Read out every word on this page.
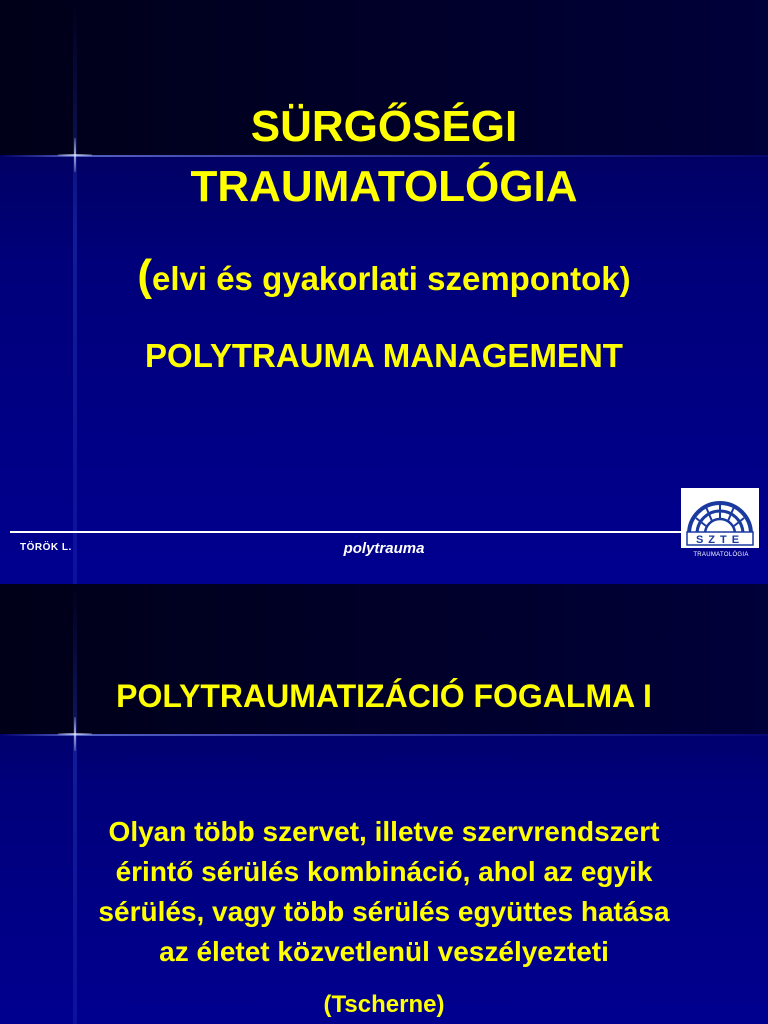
SÜRGŐSÉGI
TRAUMATOLÓGIA
(elvi és gyakorlati szempontok)
POLYTRAUMA MANAGEMENT
TÖRÖK L.	polytrauma	SZTE
TRAUMATOLÓGIA
POLYTRAUMATIZÁCIÓ FOGALMA I
Olyan több szervet, illetve szervrendszert
érintő sérülés kombináció, ahol az egyik
sérülés, vagy több sérülés együttes hatása
az életet közvetlenül veszélyezteti
(Tscherne)
